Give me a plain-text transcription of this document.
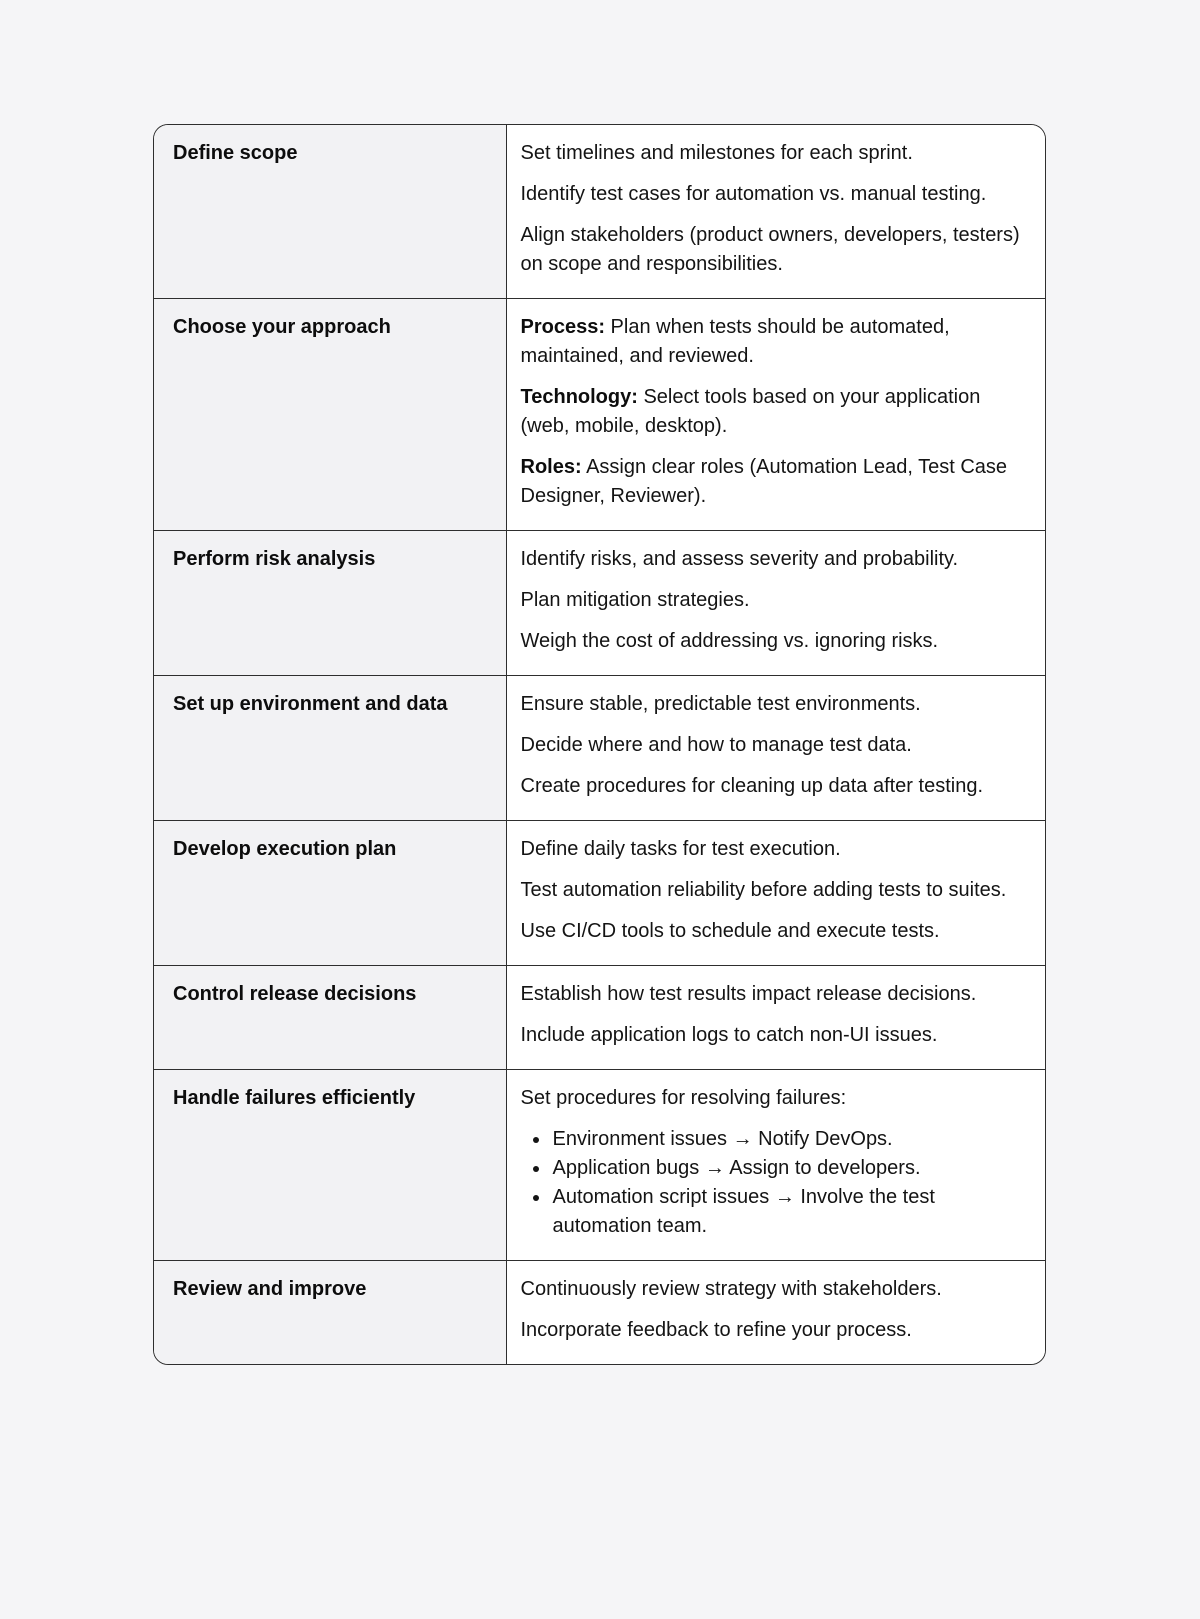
Define scope	Set timelines and milestones for each sprint.

Identify test cases for automation vs. manual testing.

Align stakeholders (product owners, developers, testers) on scope and responsibilities.

Choose your approach	Process: Plan when tests should be automated, maintained, and reviewed.

Technology: Select tools based on your application (web, mobile, desktop).

Roles: Assign clear roles (Automation Lead, Test Case Designer, Reviewer).

Perform risk analysis	Identify risks, and assess severity and probability.

Plan mitigation strategies.

Weigh the cost of addressing vs. ignoring risks.

Set up environment and data	Ensure stable, predictable test environments.

Decide where and how to manage test data.

Create procedures for cleaning up data after testing.

Develop execution plan	Define daily tasks for test execution.

Test automation reliability before adding tests to suites.

Use CI/CD tools to schedule and execute tests.

Control release decisions	Establish how test results impact release decisions.

Include application logs to catch non-UI issues.

Handle failures efficiently	Set procedures for resolving failures:

• Environment issues → Notify DevOps.
• Application bugs → Assign to developers.
• Automation script issues → Involve the test automation team.

Review and improve	Continuously review strategy with stakeholders.

Incorporate feedback to refine your process.
